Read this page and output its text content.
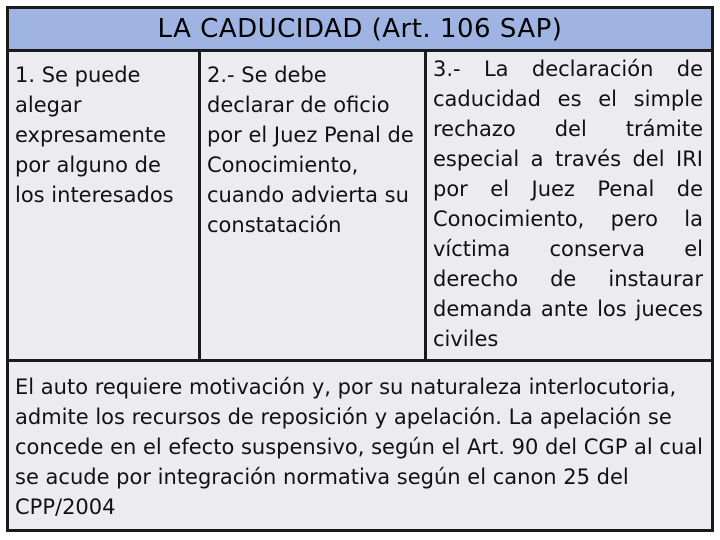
LA CADUCIDAD (Art. 106 SAP)
1. Se puede alegar expresamente por alguno de los interesados
2.- Se debe declarar de oficio por el Juez Penal de Conocimiento, cuando advierta su constatación
3.- La declaración de caducidad es el simple rechazo del trámite especial a través del IRI por el Juez Penal de Conocimiento, pero la víctima conserva el derecho de instaurar demanda ante los jueces civiles
El auto requiere motivación y, por su naturaleza interlocutoria, admite los recursos de reposición y apelación. La apelación se concede en el efecto suspensivo, según el Art. 90 del CGP al cual se acude por integración normativa según el canon 25 del CPP/2004
